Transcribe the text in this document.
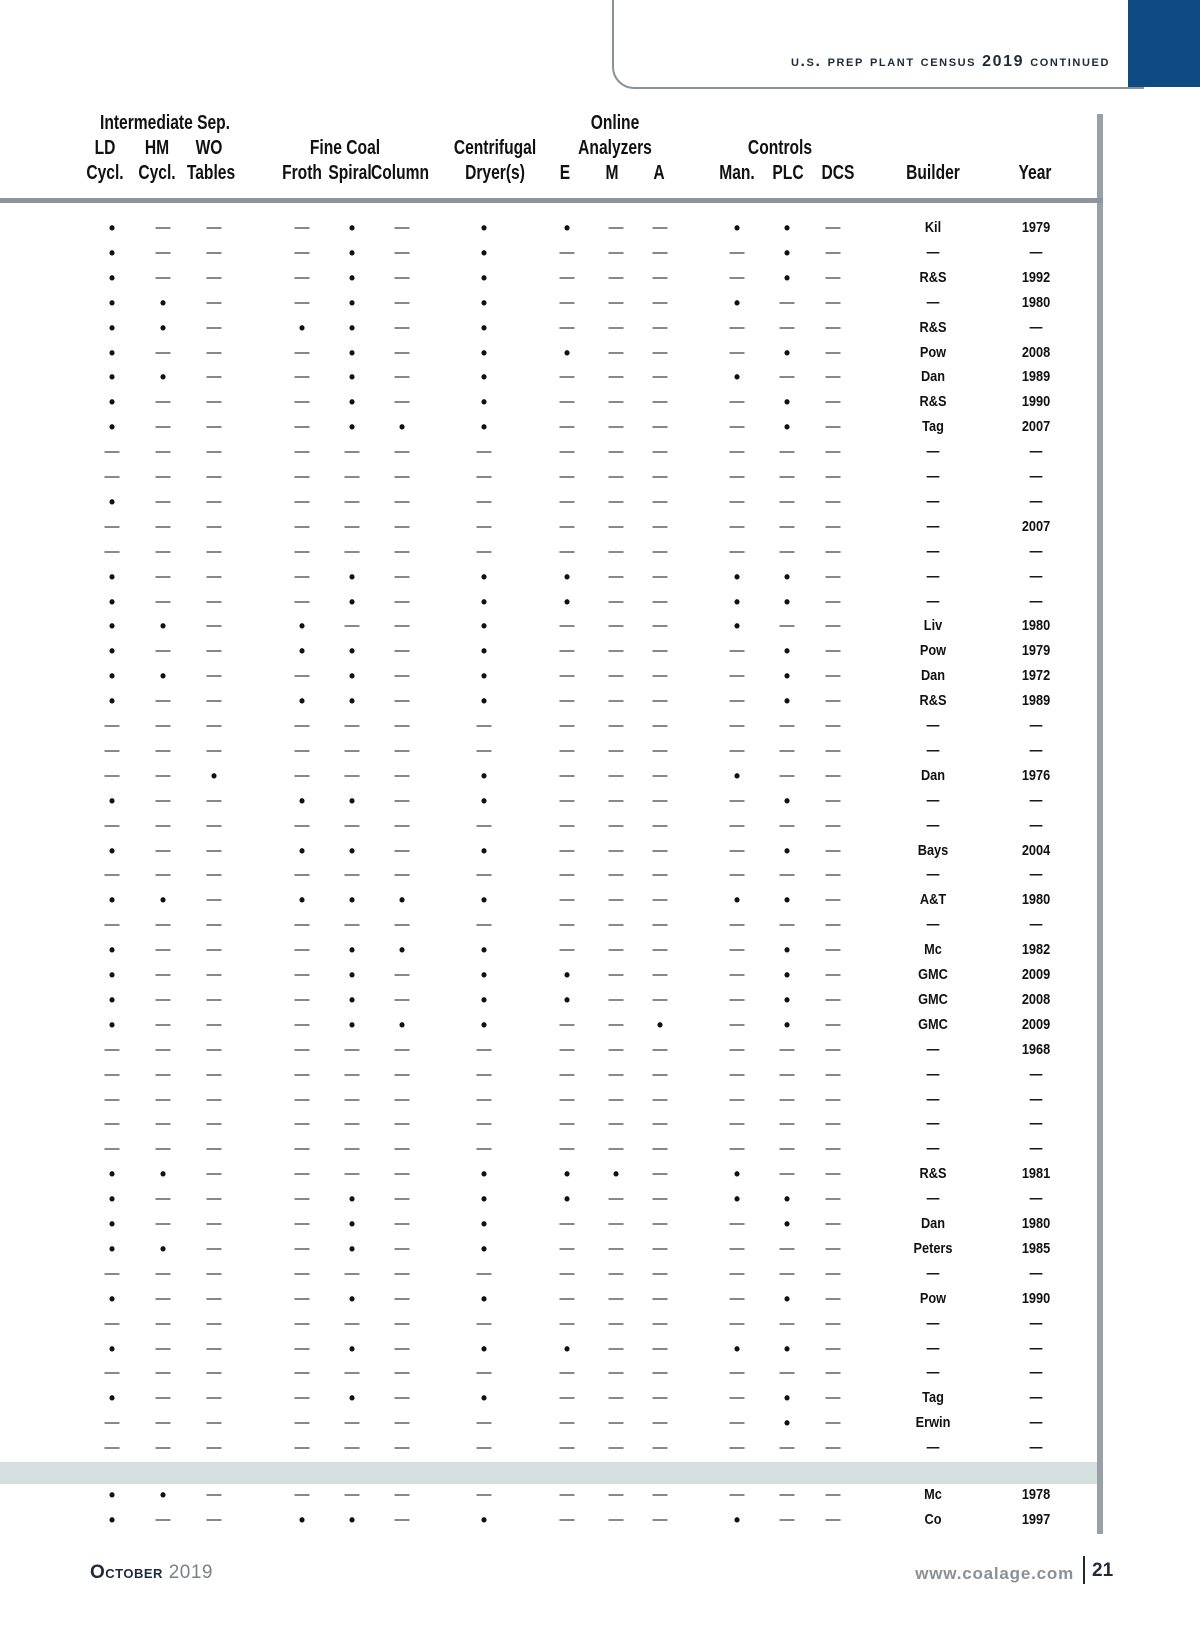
u.s. prep plant census 2019 continued
Intermediate Sep.
LD	HM	WO
Cycl. Cycl. Tables
Fine Coal
Froth Spiral Column
Centrifugal
Dryer(s)
Online
Analyzers
E M A
Controls
Man. PLC DCS	Builder	Year
•	— —	— •	—	•	•	— —	• • —	Kil	1979
•	— —	— •	—	•	— — —	— • —	—	—
•	— —	— •	—	•	— — —	— • —	R&S	1992
• •	—	— •	—	•	— — —	•	— —	—	1980
• •	—	• •	—	•	— — —	— — —	R&S	—
•	— —	— •	—	•	•	— —	— • —	Pow	2008
• •	—	— •	—	•	— — —	•	— —	Dan	1989
•	— —	— •	—	•	— — —	— • —	R&S	1990
•	— —	— • •	•	— — —	— • —	Tag	2007
— — —	— — —	—	— — —	— — —	—	—
— — —	— — —	—	— — —	— — —	—	—
•	— —	— — —	—	— — —	— — —	—	—
— — —	— — —	—	— — —	— — —	—	2007
— — —	— — —	—	— — —	— — —	—	—
•	— —	— •	—	•	•	— —	• • —	—	—
•	— —	— •	—	•	•	— —	• • —	—	—
• •	—	•	— —	•	— — —	•	— —	Liv	1980
•	— —	• •	—	•	— — —	— • —	Pow	1979
• •	—	— •	—	•	— — —	— • —	Dan	1972
•	— —	• •	—	•	— — —	— • —	R&S	1989
— — —	— — —	—	— — —	— — —	—	—
— — —	— — —	—	— — —	— — —	—	—
— — •	— — —	•	— — —	•	— —	Dan	1976
•	— —	• •	—	•	— — —	— • —	—	—
— — —	— — —	—	— — —	— — —	—	—
•	— —	• •	—	•	— — —	— • —	Bays	2004
— — —	— — —	—	— — —	— — —	—	—
• •	—	• • •	•	— — —	• • —	A&T	1980
— — —	— — —	—	— — —	— — —	—	—
•	— —	— • •	•	— — —	— • —	Mc	1982
•	— —	— •	—	•	•	— —	— • —	GMC	2009
•	— —	— •	—	•	•	— —	— • —	GMC	2008
•	— —	— • •	•	— — •	— • —	GMC	2009
— — —	— — —	—	— — —	— — —	—	1968
— — —	— — —	—	— — —	— — —	—	—
— — —	— — —	—	— — —	— — —	—	—
— — —	— — —	—	— — —	— — —	—	—
— — —	— — —	—	— — —	— — —	—	—
• •	—	— — —	•	• • —	•	— —	R&S	1981
•	— —	— •	—	•	•	— —	• • —	—	—
•	— —	— •	—	•	— — —	— • —	Dan	1980
• •	—	— •	—	•	— — —	— — —	Peters	1985
— — —	— — —	—	— — —	— — —	—	—
•	— —	— •	—	•	— — —	— • —	Pow	1990
— — —	— — —	—	— — —	— — —	—	—
•	— —	— •	—	•	•	— —	• • —	—	—
— — —	— — —	—	— — —	— — —	—	—
•	— —	— •	—	•	— — —	— • —	Tag	—
— — —	— — —	—	— — —	— • —	Erwin	—
— — —	— — —	—	— — —	— — —	—	—
• •	—	— — —	—	— — —	— — —	Mc	1978
•	— —	• •	—	•	— — —	•	— —	Co	1997
October 2019	www.coalage.com 21
